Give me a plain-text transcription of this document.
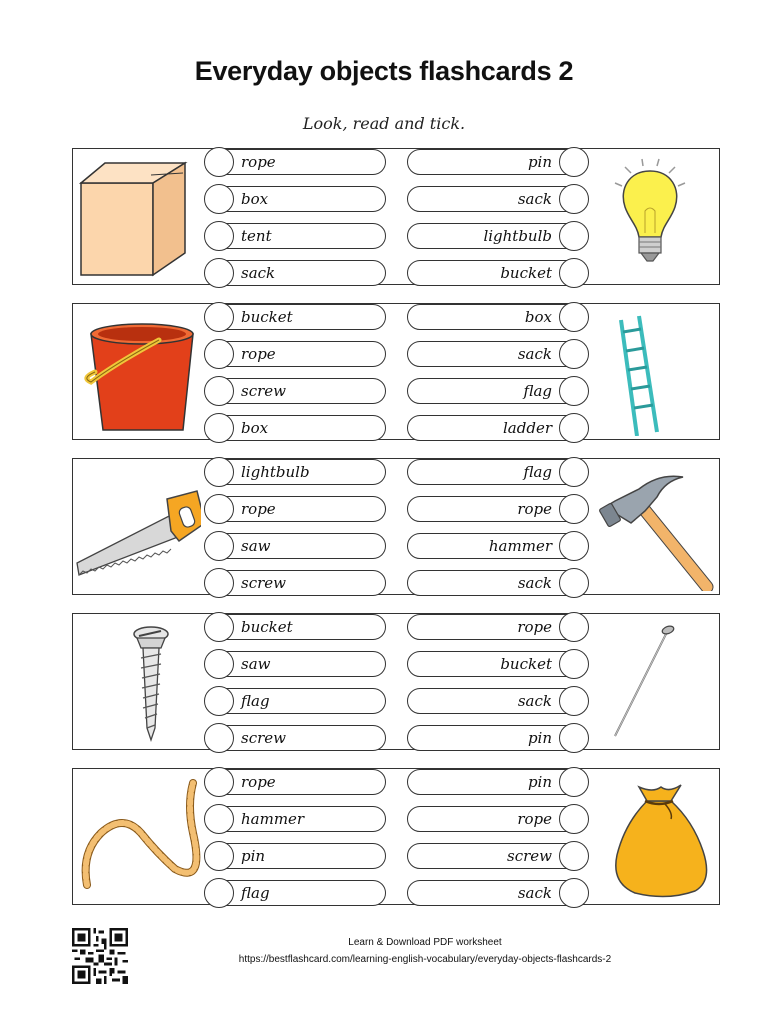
Everyday objects flashcards 2
Look, read and tick.
rope
box
tent
sack
pin
sack
lightbulb
bucket
bucket
rope
screw
box
box
sack
flag
ladder
lightbulb
rope
saw
screw
flag
rope
hammer
sack
bucket
saw
flag
screw
rope
bucket
sack
pin
rope
hammer
pin
flag
pin
rope
screw
sack
Learn & Download PDF worksheet
https://bestflashcard.com/learning-english-vocabulary/everyday-objects-flashcards-2
